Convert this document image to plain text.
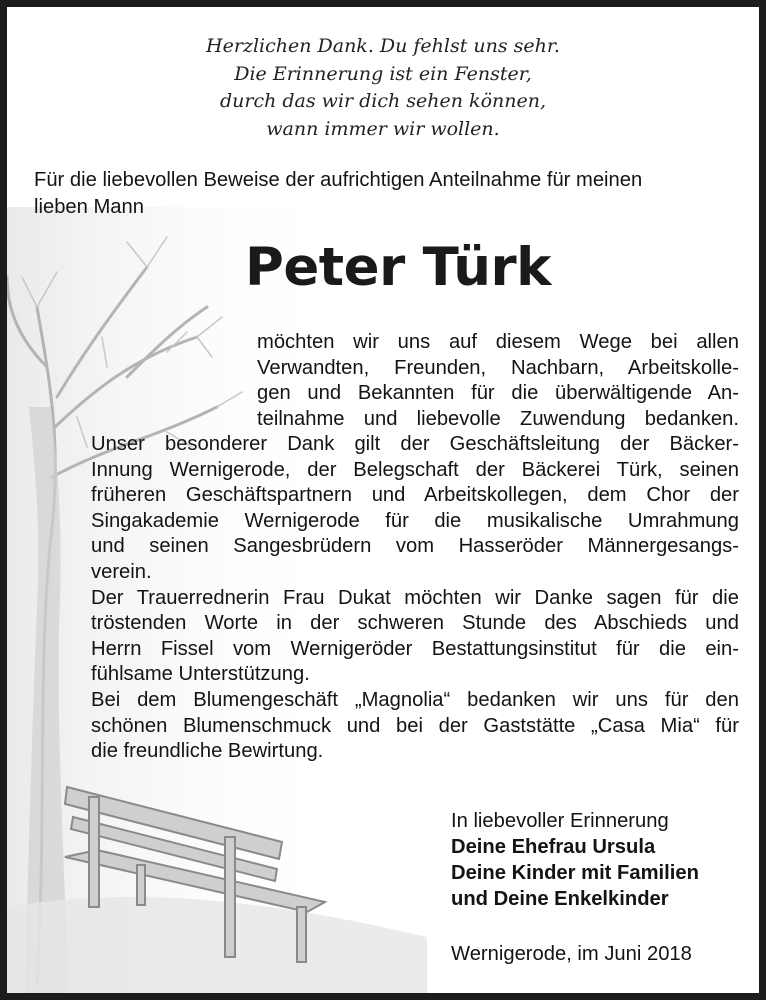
Herzlichen Dank. Du fehlst uns sehr.
Die Erinnerung ist ein Fenster,
durch das wir dich sehen können,
wann immer wir wollen.
Für die liebevollen Beweise der aufrichtigen Anteilnahme für meinen
lieben Mann
Peter Türk
möchten wir uns auf diesem Wege bei allen
Verwandten, Freunden, Nachbarn, Arbeitskolle-
gen und Bekannten für die überwältigende An-
teilnahme und liebevolle Zuwendung bedanken.
Unser besonderer Dank gilt der Geschäftsleitung der Bäcker-
Innung Wernigerode, der Belegschaft der Bäckerei Türk, seinen
früheren Geschäftspartnern und Arbeitskollegen, dem Chor der
Singakademie Wernigerode für die musikalische Umrahmung
und seinen Sangesbrüdern vom Hasseröder Männergesangs-
verein.
Der Trauerrednerin Frau Dukat möchten wir Danke sagen für die
tröstenden Worte in der schweren Stunde des Abschieds und
Herrn Fissel vom Wernigeröder Bestattungsinstitut für die ein-
fühlsame Unterstützung.
Bei dem Blumengeschäft „Magnolia“ bedanken wir uns für den
schönen Blumenschmuck und bei der Gaststätte „Casa Mia“ für
die freundliche Bewirtung.
In liebevoller Erinnerung
Deine Ehefrau Ursula
Deine Kinder mit Familien
und Deine Enkelkinder
Wernigerode, im Juni 2018
